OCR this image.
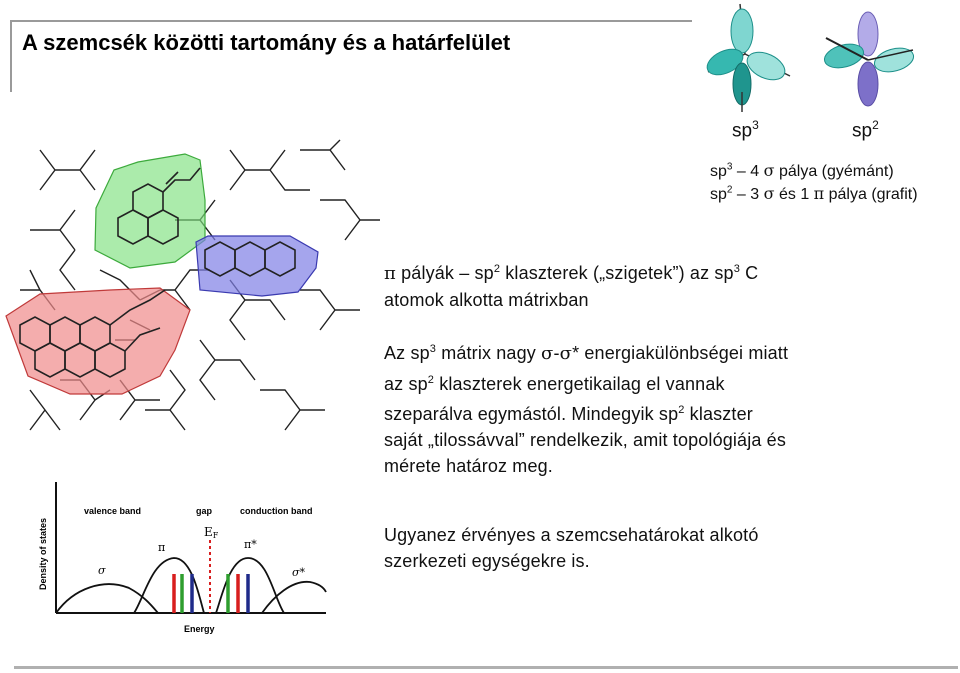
A szemcsék közötti tartomány és a határfelület
$sp^3$	$sp^2$
$sp^3 - 4$ σ pálya (gyémánt)
$sp^2 - 3$ σ és 1 π pálya (grafit)
π pályák – $sp^2$ klaszterek („szigetek”) az $sp^3$ C
atomok alkotta mátrixban
Az $sp^3$ mátrix nagy σ-σ* energiakülönbségei miatt
az $sp^2$ klaszterek energetikailag el vannak
szeparálva egymástól. Mindegyik $sp^2$ klaszter
saját „tilossávval” rendelkezik, amit topológiája és
mérete határoz meg.
Ugyanez érvényes a szemcsehatárokat alkotó
szerkezeti egységekre is.
Density of states
Energy
valence band	gap	conduction band
EF
π	π*
σ	σ*
